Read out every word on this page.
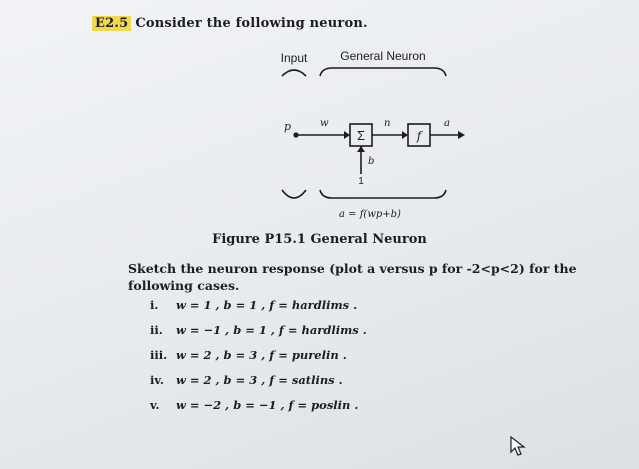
E2.5 Consider the following neuron.
Input	General Neuron
p	w
Σ
n
f
a
b
1
a = f(wp+b)
Figure P15.1 General Neuron
Sketch the neuron response (plot a versus p for -2<p<2) for the following cases.
i. w = 1 , b = 1 , f = hardlims .
ii. w = −1 , b = 1 , f = hardlims .
iii. w = 2 , b = 3 , f = purelin .
iv. w = 2 , b = 3 , f = satlins .
v. w = −2 , b = −1 , f = poslin .
